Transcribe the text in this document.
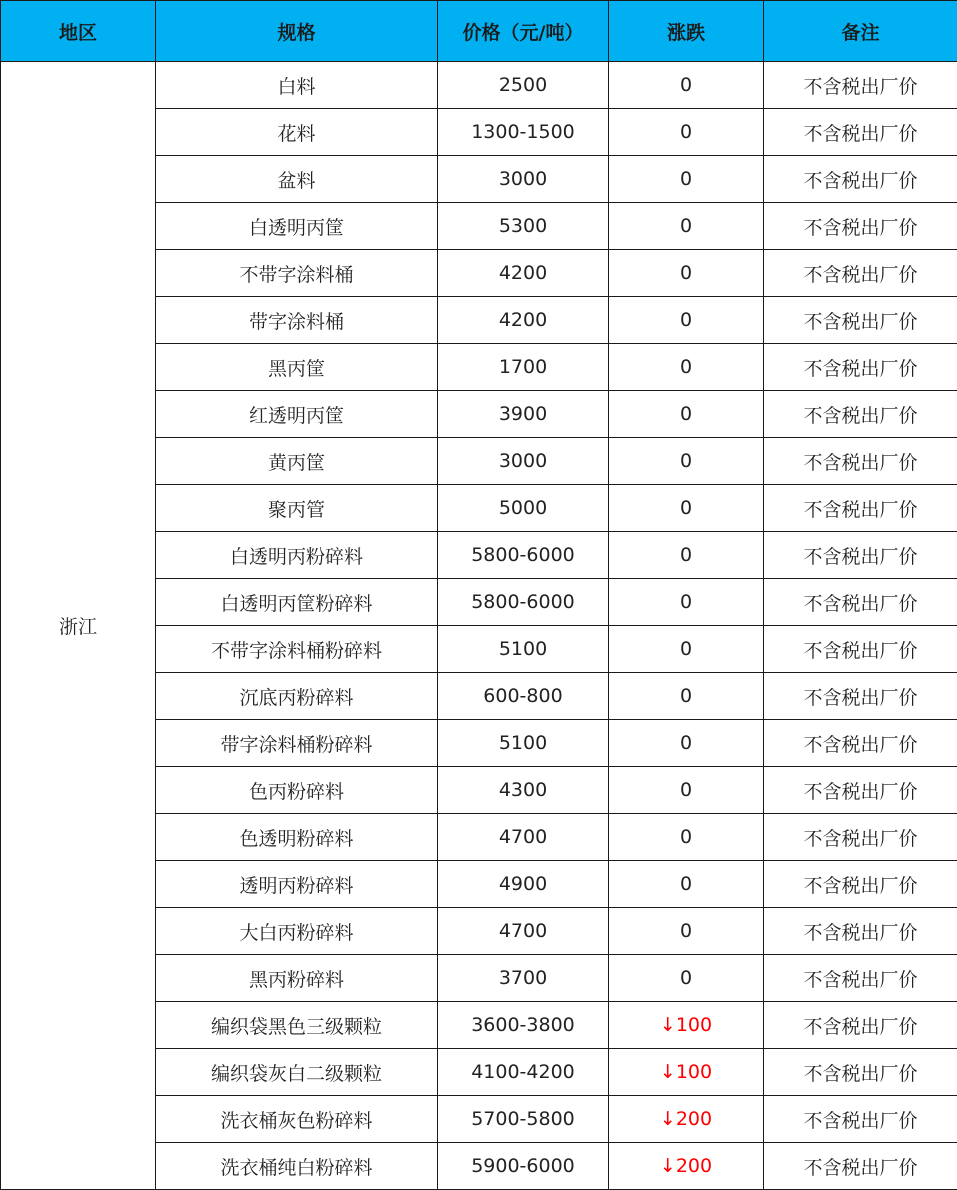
地区	规格	价格（元/吨）	涨跌	备注
浙江	白料	2500	0	不含税出厂价
	花料	1300-1500	0	不含税出厂价
	盆料	3000	0	不含税出厂价
	白透明丙筐	5300	0	不含税出厂价
	不带字涂料桶	4200	0	不含税出厂价
	带字涂料桶	4200	0	不含税出厂价
	黑丙筐	1700	0	不含税出厂价
	红透明丙筐	3900	0	不含税出厂价
	黄丙筐	3000	0	不含税出厂价
	聚丙管	5000	0	不含税出厂价
	白透明丙粉碎料	5800-6000	0	不含税出厂价
	白透明丙筐粉碎料	5800-6000	0	不含税出厂价
	不带字涂料桶粉碎料	5100	0	不含税出厂价
	沉底丙粉碎料	600-800	0	不含税出厂价
	带字涂料桶粉碎料	5100	0	不含税出厂价
	色丙粉碎料	4300	0	不含税出厂价
	色透明粉碎料	4700	0	不含税出厂价
	透明丙粉碎料	4900	0	不含税出厂价
	大白丙粉碎料	4700	0	不含税出厂价
	黑丙粉碎料	3700	0	不含税出厂价
	编织袋黑色三级颗粒	3600-3800	↓100	不含税出厂价
	编织袋灰白二级颗粒	4100-4200	↓100	不含税出厂价
	洗衣桶灰色粉碎料	5700-5800	↓200	不含税出厂价
	洗衣桶纯白粉碎料	5900-6000	↓200	不含税出厂价
